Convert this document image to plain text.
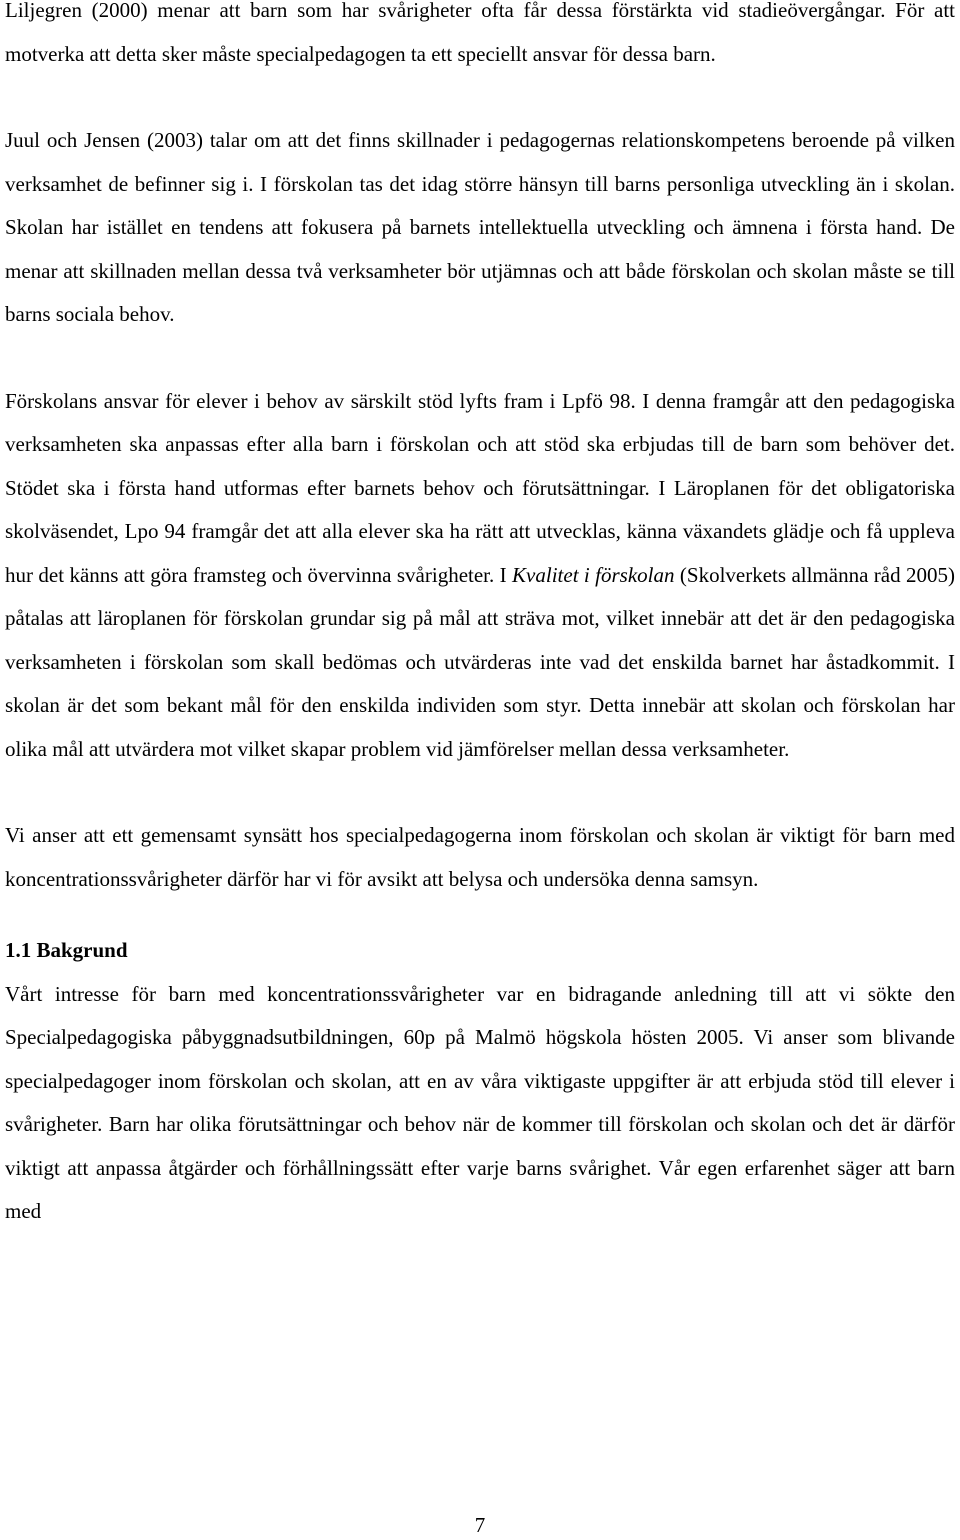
Liljegren (2000) menar att barn som har svårigheter ofta får dessa förstärkta vid stadieövergångar. För att motverka att detta sker måste specialpedagogen ta ett speciellt ansvar för dessa barn.

Juul och Jensen (2003) talar om att det finns skillnader i pedagogernas relationskompetens beroende på vilken verksamhet de befinner sig i. I förskolan tas det idag större hänsyn till barns personliga utveckling än i skolan. Skolan har istället en tendens att fokusera på barnets intellektuella utveckling och ämnena i första hand. De menar att skillnaden mellan dessa två verksamheter bör utjämnas och att både förskolan och skolan måste se till barns sociala behov.

Förskolans ansvar för elever i behov av särskilt stöd lyfts fram i Lpfö 98. I denna framgår att den pedagogiska verksamheten ska anpassas efter alla barn i förskolan och att stöd ska erbjudas till de barn som behöver det. Stödet ska i första hand utformas efter barnets behov och förutsättningar. I Läroplanen för det obligatoriska skolväsendet, Lpo 94 framgår det att alla elever ska ha rätt att utvecklas, känna växandets glädje och få uppleva hur det känns att göra framsteg och övervinna svårigheter. I Kvalitet i förskolan (Skolverkets allmänna råd 2005) påtalas att läroplanen för förskolan grundar sig på mål att sträva mot, vilket innebär att det är den pedagogiska verksamheten i förskolan som skall bedömas och utvärderas inte vad det enskilda barnet har åstadkommit. I skolan är det som bekant mål för den enskilda individen som styr. Detta innebär att skolan och förskolan har olika mål att utvärdera mot vilket skapar problem vid jämförelser mellan dessa verksamheter.

Vi anser att ett gemensamt synsätt hos specialpedagogerna inom förskolan och skolan är viktigt för barn med koncentrationssvårigheter därför har vi för avsikt att belysa och undersöka denna samsyn.

1.1 Bakgrund

Vårt intresse för barn med koncentrationssvårigheter var en bidragande anledning till att vi sökte den Specialpedagogiska påbyggnadsutbildningen, 60p på Malmö högskola hösten 2005. Vi anser som blivande specialpedagoger inom förskolan och skolan, att en av våra viktigaste uppgifter är att erbjuda stöd till elever i svårigheter. Barn har olika förutsättningar och behov när de kommer till förskolan och skolan och det är därför viktigt att anpassa åtgärder och förhållningssätt efter varje barns svårighet. Vår egen erfarenhet säger att barn med

7
